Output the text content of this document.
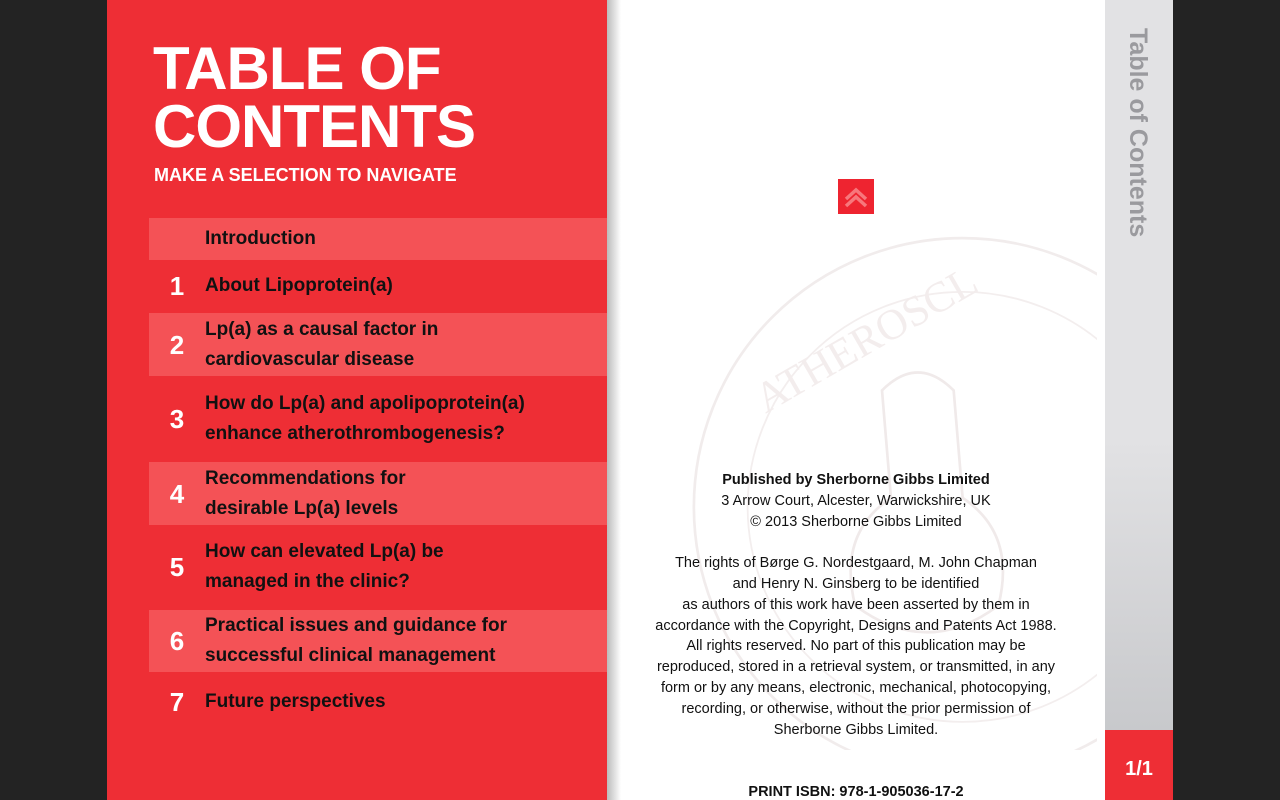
TABLE OF
CONTENTS
MAKE A SELECTION TO NAVIGATE
Introduction
1	About Lipoprotein(a)
2
Lp(a) as a causal factor in
cardiovascular disease
3
How do Lp(a) and apolipoprotein(a)
enhance atherothrombogenesis?
4
Recommendations for
desirable Lp(a) levels
5
How can elevated Lp(a) be
managed in the clinic?
6
Practical issues and guidance for
successful clinical management
7	Future perspectives
ATHEROSCL
Published by Sherborne Gibbs Limited
3 Arrow Court, Alcester, Warwickshire, UK
© 2013 Sherborne Gibbs Limited
The rights of Børge G. Nordestgaard, M. John Chapman
and Henry N. Ginsberg to be identified
as authors of this work have been asserted by them in
accordance with the Copyright, Designs and Patents Act 1988.
All rights reserved. No part of this publication may be
reproduced, stored in a retrieval system, or transmitted, in any
form or by any means, electronic, mechanical, photocopying,
recording, or otherwise, without the prior permission of
Sherborne Gibbs Limited.
PRINT ISBN: 978-1-905036-17-2
Table of Contents
1/1
